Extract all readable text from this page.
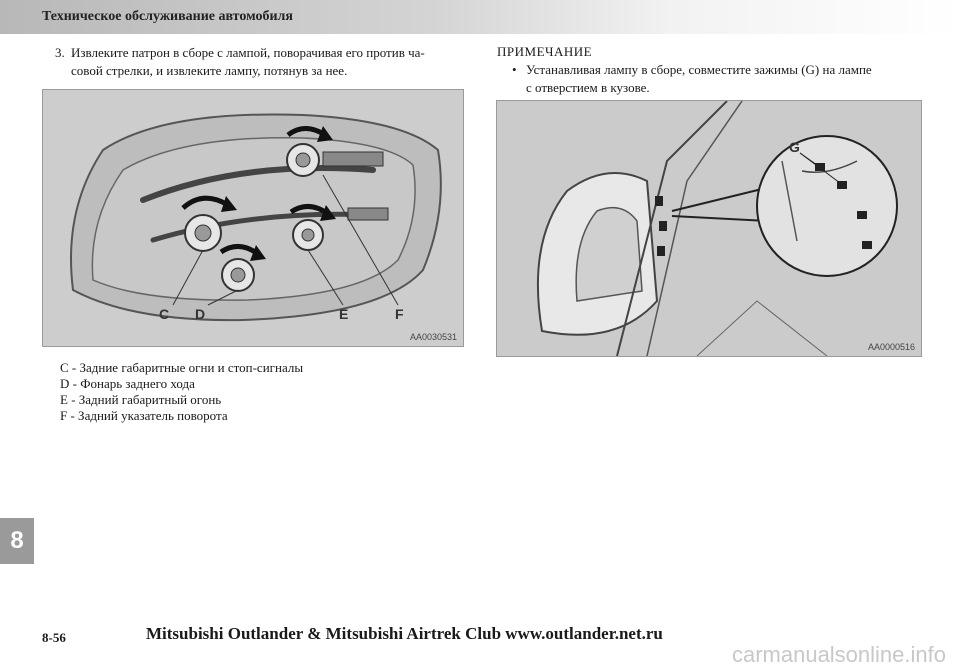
Техническое обслуживание автомобиля
3. Извлеките патрон в сборе с лампой, поворачивая его против ча-
совой стрелки, и извлеките лампу, потянув за нее.
ПРИМЕЧАНИЕ
• Устанавливая лампу в сборе, совместите зажимы (G) на лампе
с отверстием в кузове.
C D	E	F
AA0030531
G
AA0000516
C - Задние габаритные огни и стоп-сигналы
D - Фонарь заднего хода
E - Задний габаритный огонь
F - Задний указатель поворота
8
8-56	Mitsubishi Outlander & Mitsubishi Airtrek Club www.outlander.net.ru
carmanualsonline.info
